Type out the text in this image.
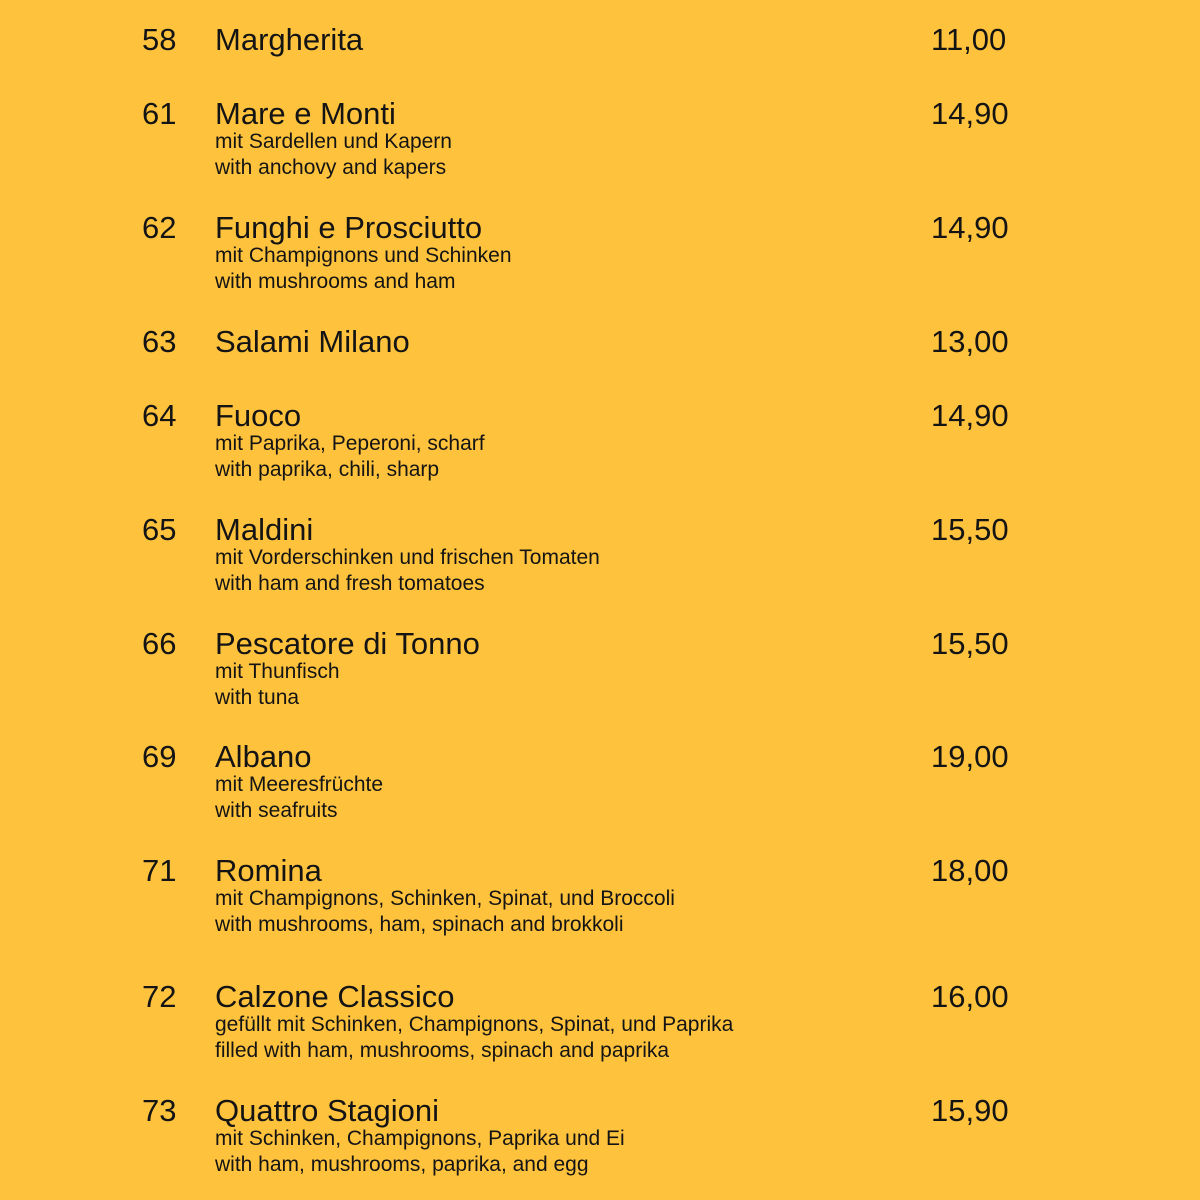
58 Margherita	11,00
61 Mare e Monti	14,90
mit Sardellen und Kapern
with anchovy and kapers
62 Funghi e Prosciutto	14,90
mit Champignons und Schinken
with mushrooms and ham
63 Salami Milano	13,00
64 Fuoco	14,90
mit Paprika, Peperoni, scharf
with paprika, chili, sharp
65 Maldini	15,50
mit Vorderschinken und frischen Tomaten
with ham and fresh tomatoes
66 Pescatore di Tonno	15,50
mit Thunfisch
with tuna
69 Albano	19,00
mit Meeresfrüchte
with seafruits
71 Romina	18,00
mit Champignons, Schinken, Spinat, und Broccoli
with mushrooms, ham, spinach and brokkoli
72 Calzone Classico	16,00
gefüllt mit Schinken, Champignons, Spinat, und Paprika
filled with ham, mushrooms, spinach and paprika
73 Quattro Stagioni	15,90
mit Schinken, Champignons, Paprika und Ei
with ham, mushrooms, paprika, and egg
